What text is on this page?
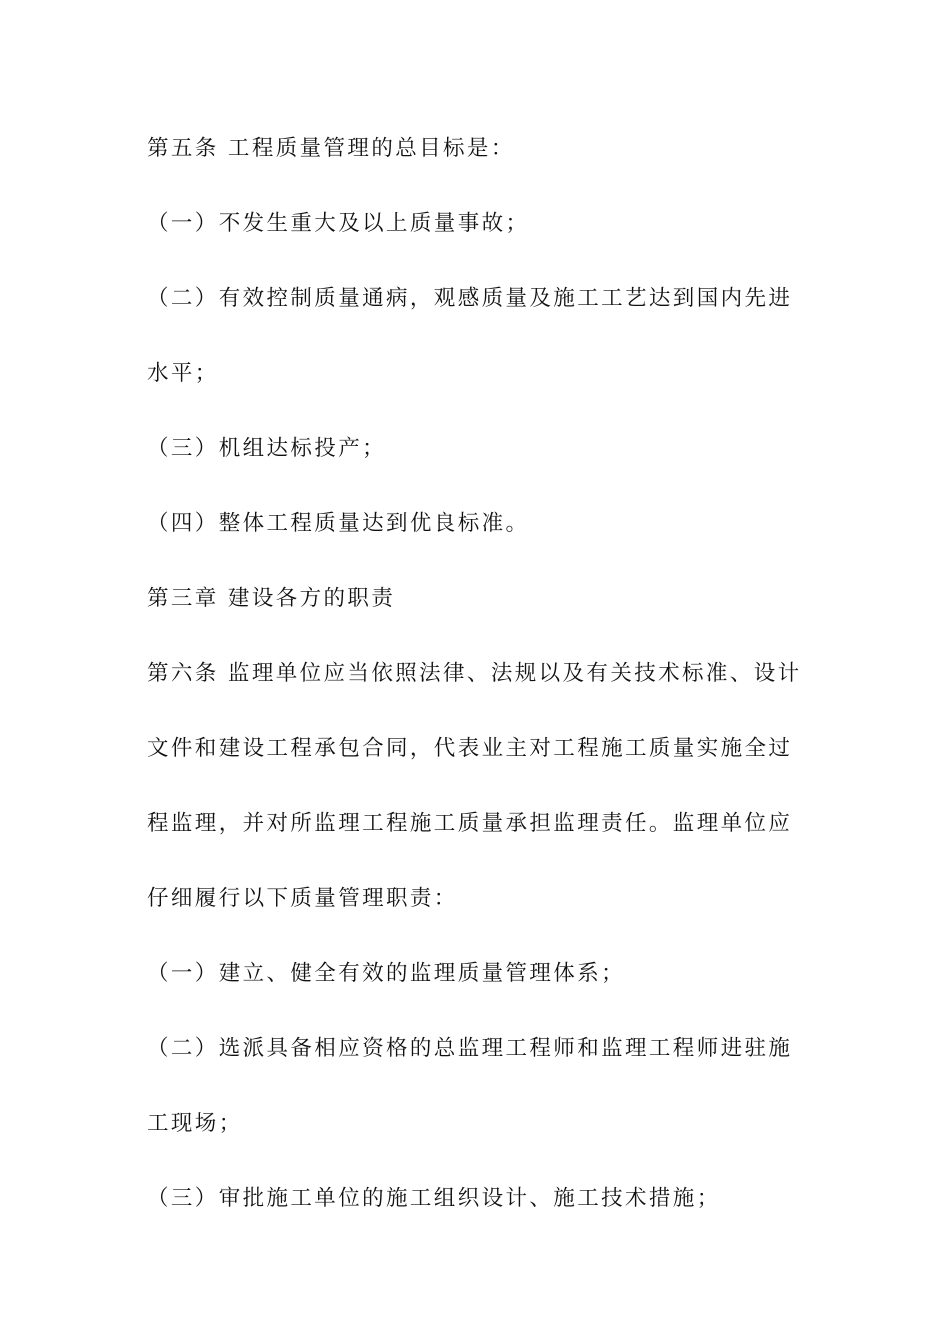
第五条 工程质量管理的总目标是：

（一）不发生重大及以上质量事故；

（二）有效控制质量通病，观感质量及施工工艺达到国内先进

水平；

（三）机组达标投产；

（四）整体工程质量达到优良标准。

第三章 建设各方的职责

第六条 监理单位应当依照法律、法规以及有关技术标准、设计

文件和建设工程承包合同，代表业主对工程施工质量实施全过

程监理，并对所监理工程施工质量承担监理责任。监理单位应

仔细履行以下质量管理职责：

（一）建立、健全有效的监理质量管理体系；

（二）选派具备相应资格的总监理工程师和监理工程师进驻施

工现场；

（三）审批施工单位的施工组织设计、施工技术措施；
